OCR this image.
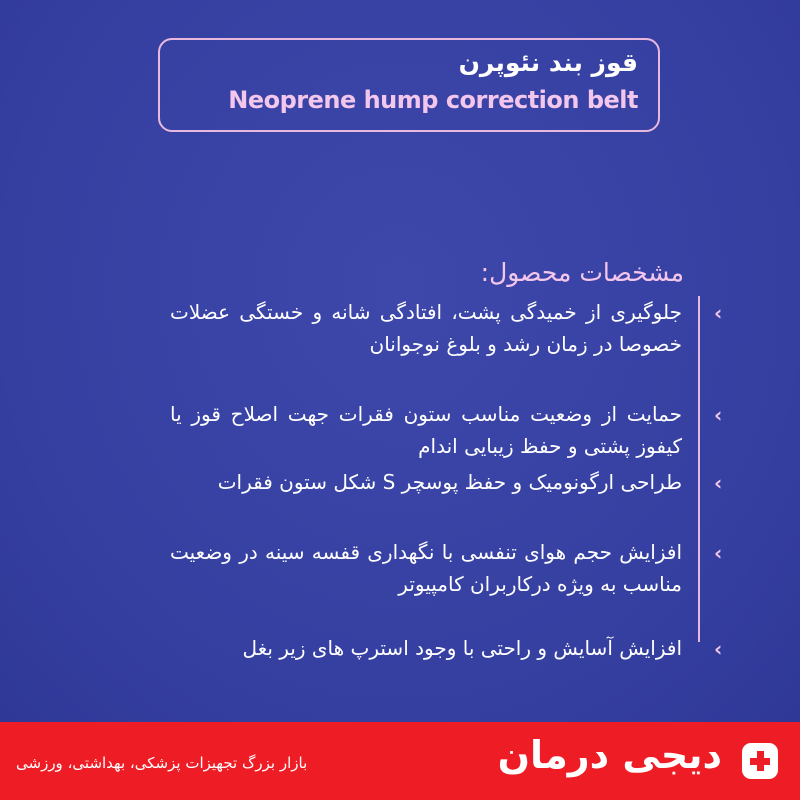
قوز بند نئوپرن
Neoprene hump correction belt
مشخصات محصول:
‹
جلوگیری از خمیدگی پشت، افتادگی شانه و خستگی عضلات خصوصا در زمان رشد و بلوغ نوجوانان
‹
حمایت از وضعیت مناسب ستون فقرات جهت اصلاح قوز یا کیفوز پشتی و حفظ زیبایی اندام
‹
طراحی ارگونومیک و حفظ پوسچر S شکل ستون فقرات
‹
افزایش حجم هوای تنفسی با نگهداری قفسه سینه در وضعیت مناسب به ویژه درکاربران کامپیوتر
‹
افزایش آسایش و راحتی با وجود استرپ های زیر بغل
بازار بزرگ تجهیزات پزشکی، بهداشتی، ورزشی	دیجی درمان
